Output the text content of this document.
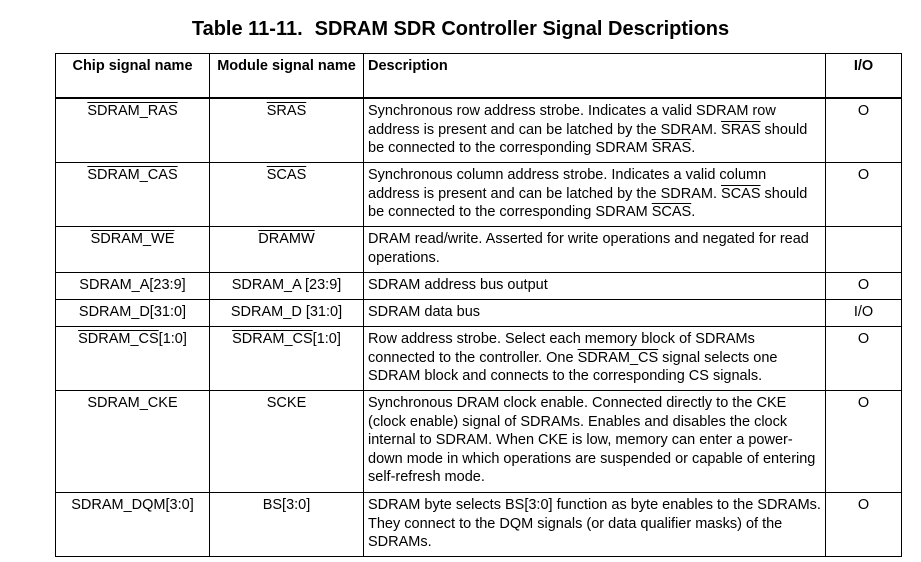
Table 11-11. SDRAM SDR Controller Signal Descriptions
Chip signal name	Module signal name	Description	I/O
SDRAM_RAS	SRAS	Synchronous row address strobe. Indicates a valid SDRAM row address is present and can be latched by the SDRAM. SRAS should be connected to the corresponding SDRAM SRAS.	O
SDRAM_CAS	SCAS	Synchronous column address strobe. Indicates a valid column address is present and can be latched by the SDRAM. SCAS should be connected to the corresponding SDRAM SCAS.	O
SDRAM_WE	DRAMW	DRAM read/write. Asserted for write operations and negated for read operations.	
SDRAM_A[23:9]	SDRAM_A [23:9]	SDRAM address bus output	O
SDRAM_D[31:0]	SDRAM_D [31:0]	SDRAM data bus	I/O
SDRAM_CS[1:0]	SDRAM_CS[1:0]	Row address strobe. Select each memory block of SDRAMs connected to the controller. One SDRAM_CS signal selects one SDRAM block and connects to the corresponding CS signals.	O
SDRAM_CKE	SCKE	Synchronous DRAM clock enable. Connected directly to the CKE (clock enable) signal of SDRAMs. Enables and disables the clock internal to SDRAM. When CKE is low, memory can enter a power-down mode in which operations are suspended or capable of entering self-refresh mode.	O
SDRAM_DQM[3:0]	BS[3:0]	SDRAM byte selects BS[3:0] function as byte enables to the SDRAMs. They connect to the DQM signals (or data qualifier masks) of the SDRAMs.	O
